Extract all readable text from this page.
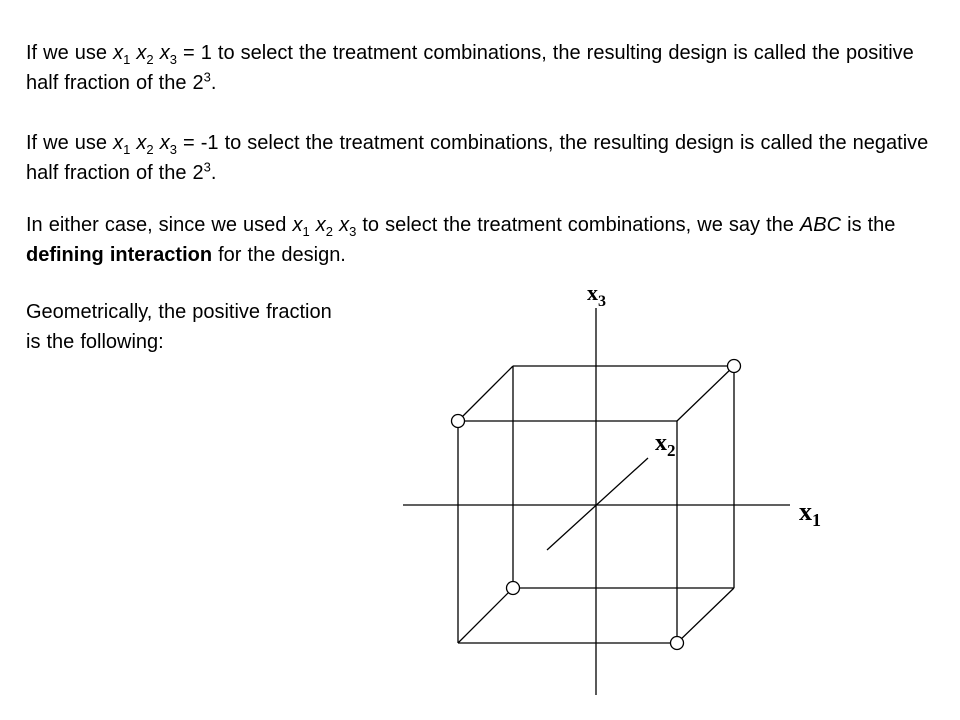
If we use $x_1$ $x_2$ $x_3 = 1$ to select the treatment combinations, the resulting design is called the positive half fraction of the $2^3$.

If we use $x_1$ $x_2$ $x_3 = -1$ to select the treatment combinations, the resulting design is called the negative half fraction of the $2^3$.

In either case, since we used $x_1$ $x_2$ $x_3$ to select the treatment combinations, we say the ABC is the defining interaction for the design.

Geometrically, the positive fraction is the following:

$x_3$
$x_2$
$x_1$
